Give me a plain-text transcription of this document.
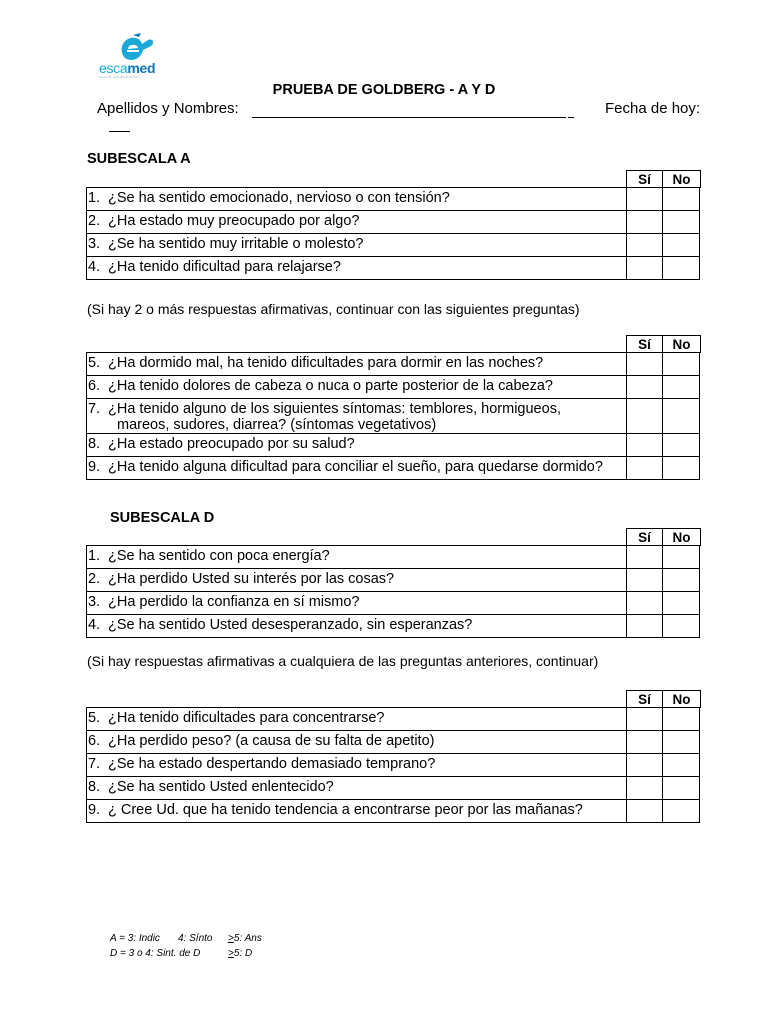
escamed
SALUD OCUPACIONAL
PRUEBA DE GOLDBERG - A Y D
Apellidos y Nombres:	Fecha de hoy:
SUBESCALA A
Sí	No
1. ¿Se ha sentido emocionado, nervioso o con tensión?		
2. ¿Ha estado muy preocupado por algo?		
3. ¿Se ha sentido muy irritable o molesto?		
4. ¿Ha tenido dificultad para relajarse?		
(Si hay 2 o más respuestas afirmativas, continuar con las siguientes preguntas)
Sí	No
5. ¿Ha dormido mal, ha tenido dificultades para dormir en las noches?		
6. ¿Ha tenido dolores de cabeza o nuca o parte posterior de la cabeza?		
7. ¿Ha tenido alguno de los siguientes síntomas: temblores, hormigueos,
mareos, sudores, diarrea? (síntomas vegetativos)		

8. ¿Ha estado preocupado por su salud?		
9. ¿Ha tenido alguna dificultad para conciliar el sueño, para quedarse dormido?		
SUBESCALA D
Sí	No
1. ¿Se ha sentido con poca energía?		
2. ¿Ha perdido Usted su interés por las cosas?		
3. ¿Ha perdido la confianza en sí mismo?		
4. ¿Se ha sentido Usted desesperanzado, sin esperanzas?		
(Si hay respuestas afirmativas a cualquiera de las preguntas anteriores, continuar)
Sí	No
5. ¿Ha tenido dificultades para concentrarse?		
6. ¿Ha perdido peso? (a causa de su falta de apetito)		
7. ¿Se ha estado despertando demasiado temprano?		
8. ¿Se ha sentido Usted enlentecido?		
9. ¿ Cree Ud. que ha tenido tendencia a encontrarse peor por las mañanas?		
A = 3: Indic 4: Sínto >5: Ans
D = 3 o 4: Sint. de D	>5: D
